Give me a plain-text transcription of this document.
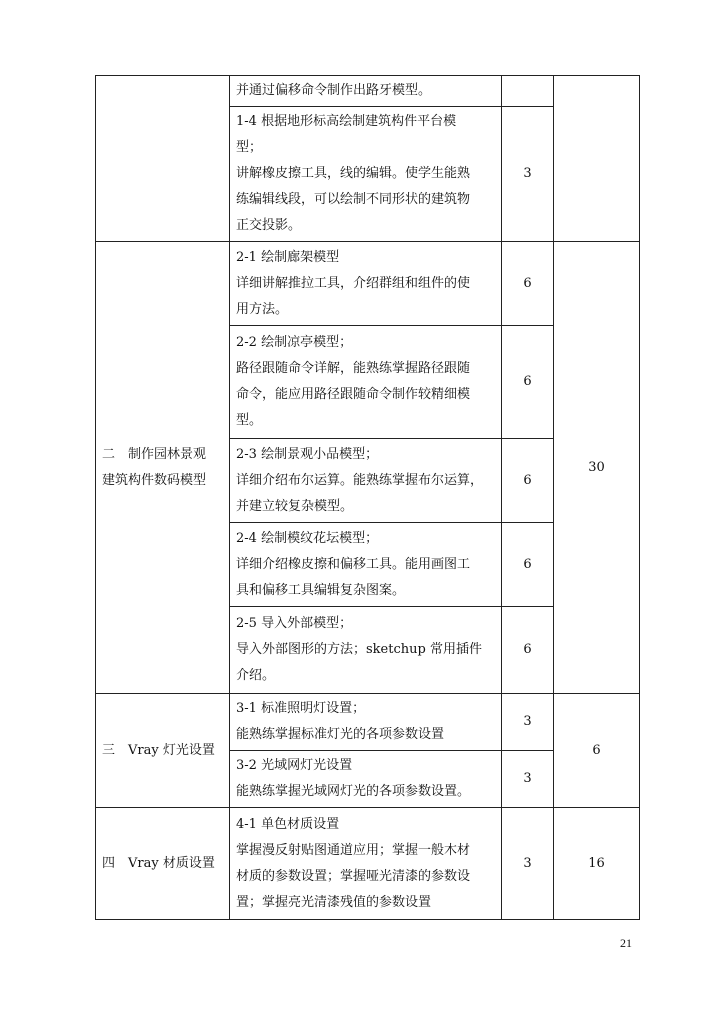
	并通过偏移命令制作出路牙模型。		

	1-4 根据地形标高绘制建筑构件平台模
型；
讲解橡皮擦工具，线的编辑。使学生能熟
练编辑线段，可以绘制不同形状的建筑物
正交投影。	3	

二　制作园林景观
建筑构件数码模型	2-1 绘制廊架模型
详细讲解推拉工具，介绍群组和组件的使
用方法。	6	30

	2-2 绘制凉亭模型；
路径跟随命令详解，能熟练掌握路径跟随
命令，能应用路径跟随命令制作较精细模
型。	6	

	2-3 绘制景观小品模型；
详细介绍布尔运算。能熟练掌握布尔运算，
并建立较复杂模型。	6	

	2-4 绘制模纹花坛模型；
详细介绍橡皮擦和偏移工具。能用画图工
具和偏移工具编辑复杂图案。	6	

	2-5 导入外部模型；
导入外部图形的方法；sketchup 常用插件
介绍。	6	

三　Vray 灯光设置	3-1 标准照明灯设置；
能熟练掌握标准灯光的各项参数设置	3	6

	3-2 光域网灯光设置
能熟练掌握光域网灯光的各项参数设置。	3	

四　Vray 材质设置	4-1 单色材质设置
掌握漫反射贴图通道应用；掌握一般木材
材质的参数设置；掌握哑光清漆的参数设
置；掌握亮光清漆残值的参数设置	3	16
21
